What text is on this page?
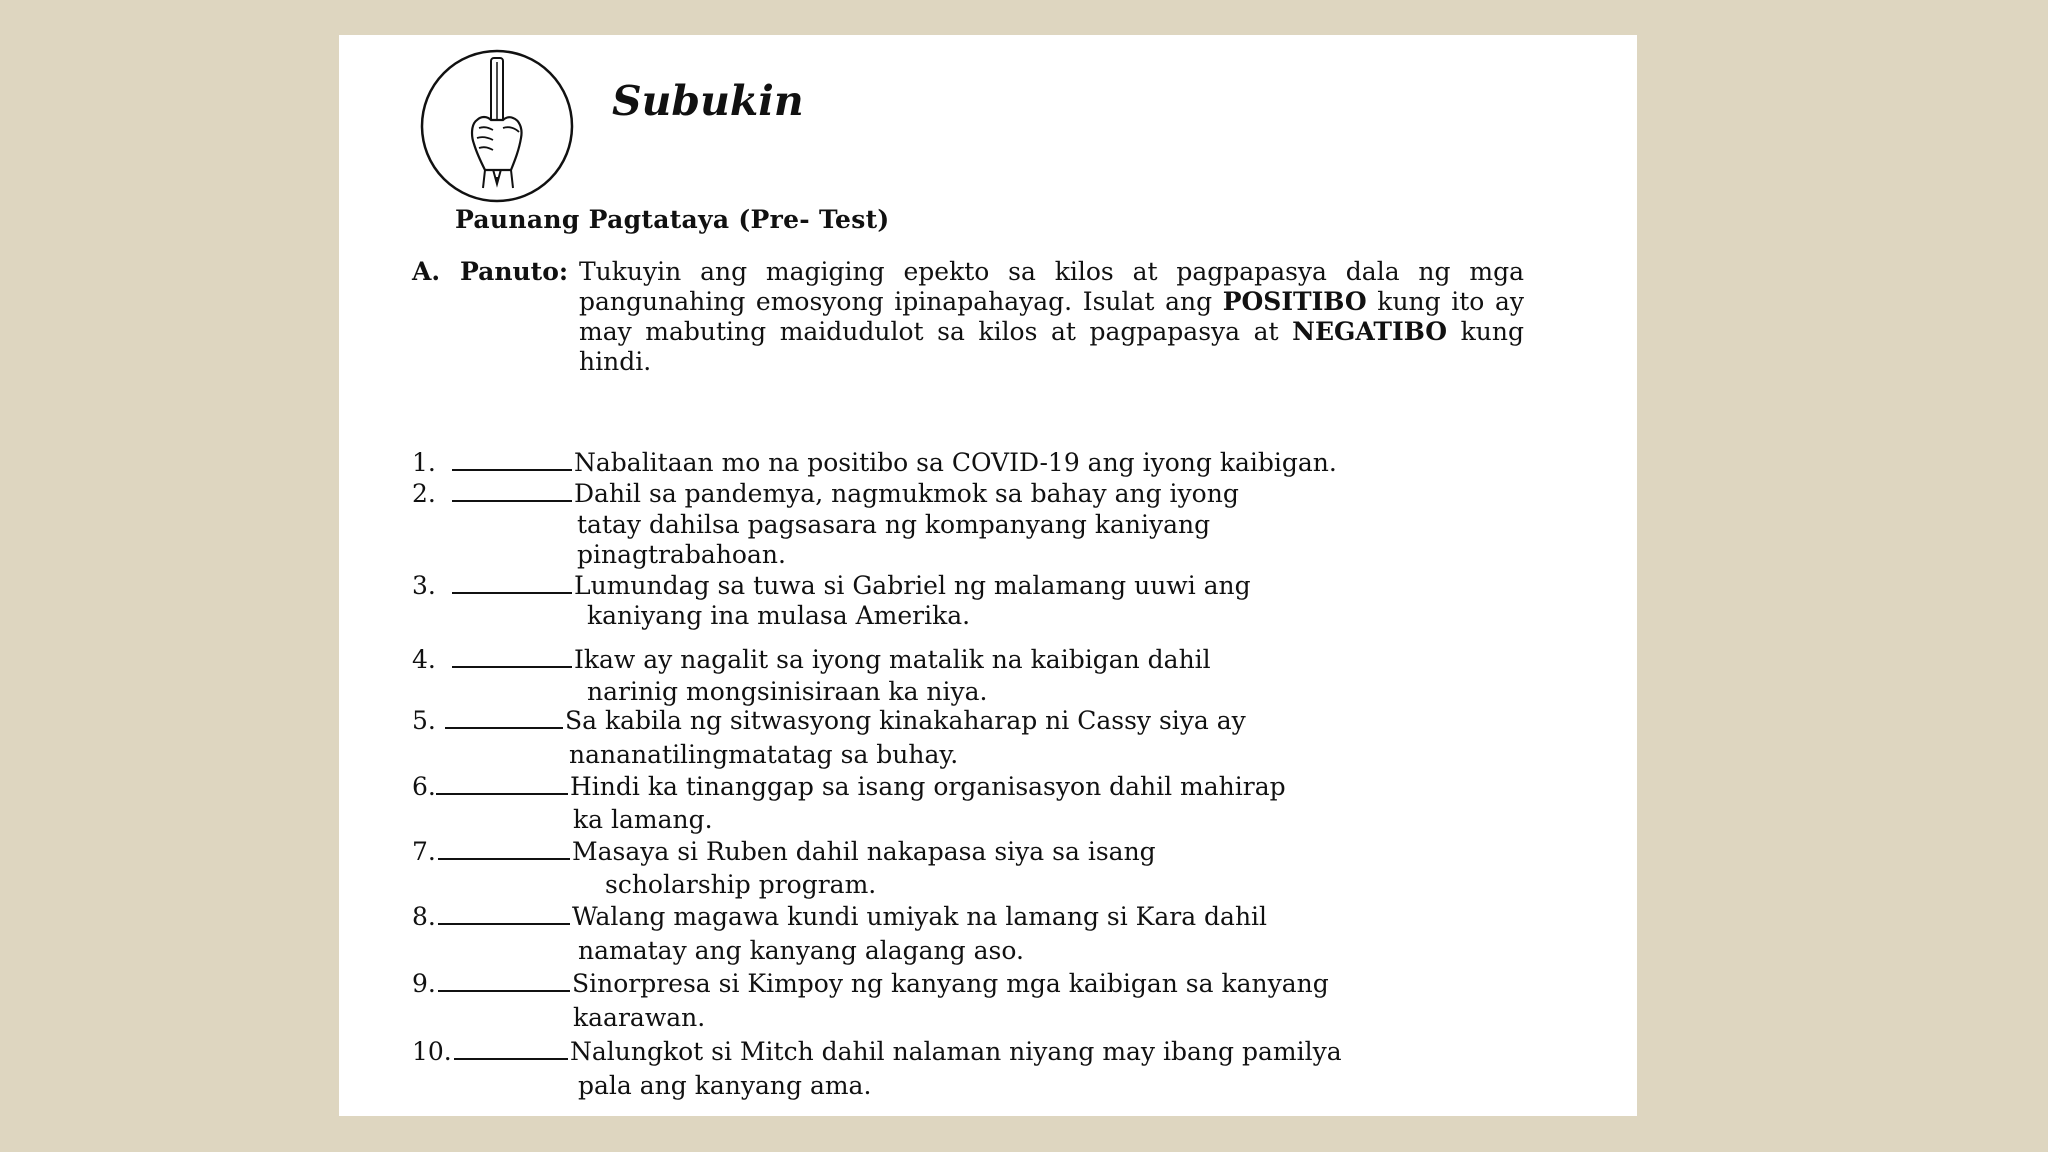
Subukin
Paunang Pagtataya (Pre- Test)
A. Panuto: Tukuyin ang magiging epekto sa kilos at pagpapasya dala ng mga pangunahing emosyong ipinapahayag. Isulat ang POSITIBO kung ito ay may mabuting maidudulot sa kilos at pagpapasya at NEGATIBO kung hindi.
1.	Nabalitaan mo na positibo sa COVID-19 ang iyong kaibigan.
2.	Dahil sa pandemya, nagmukmok sa bahay ang iyong
tatay dahilsa pagsasara ng kompanyang kaniyang
pinagtrabahoan.
3.	Lumundag sa tuwa si Gabriel ng malamang uuwi ang
kaniyang ina mulasa Amerika.
4.	Ikaw ay nagalit sa iyong matalik na kaibigan dahil
narinig mongsinisiraan ka niya.
5.	Sa kabila ng sitwasyong kinakaharap ni Cassy siya ay
nananatilingmatatag sa buhay.
6.	Hindi ka tinanggap sa isang organisasyon dahil mahirap
ka lamang.
7.	Masaya si Ruben dahil nakapasa siya sa isang
scholarship program.
8.	Walang magawa kundi umiyak na lamang si Kara dahil
namatay ang kanyang alagang aso.
9.	Sinorpresa si Kimpoy ng kanyang mga kaibigan sa kanyang
kaarawan.
10.	Nalungkot si Mitch dahil nalaman niyang may ibang pamilya
pala ang kanyang ama.
